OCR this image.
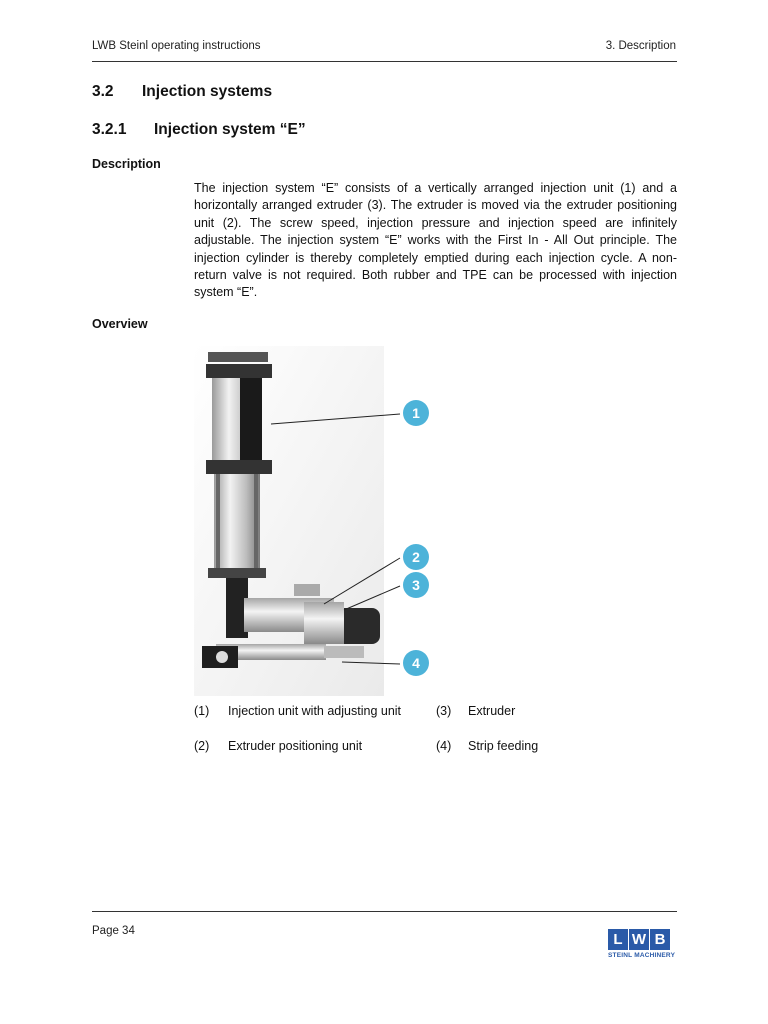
LWB Steinl operating instructions	3. Description
3.2 Injection systems
3.2.1 Injection system “E”
Description
The injection system “E” consists of a vertically arranged injection unit (1) and a horizontally arranged extruder (3). The extruder is moved via the extruder positioning unit (2). The screw speed, injection pressure and injection speed are infinitely adjustable. The injection system “E” works with the First In - All Out principle. The injection cylinder is thereby completely emptied during each injection cycle. A non-return valve is not required. Both rubber and TPE can be processed with injection system “E”.
Overview
1
2
3
4
(1) Injection unit with adjusting unit
(2) Extruder positioning unit
(3) Extruder
(4) Strip feeding
Page 34	L W B
STEINL MACHINERY
